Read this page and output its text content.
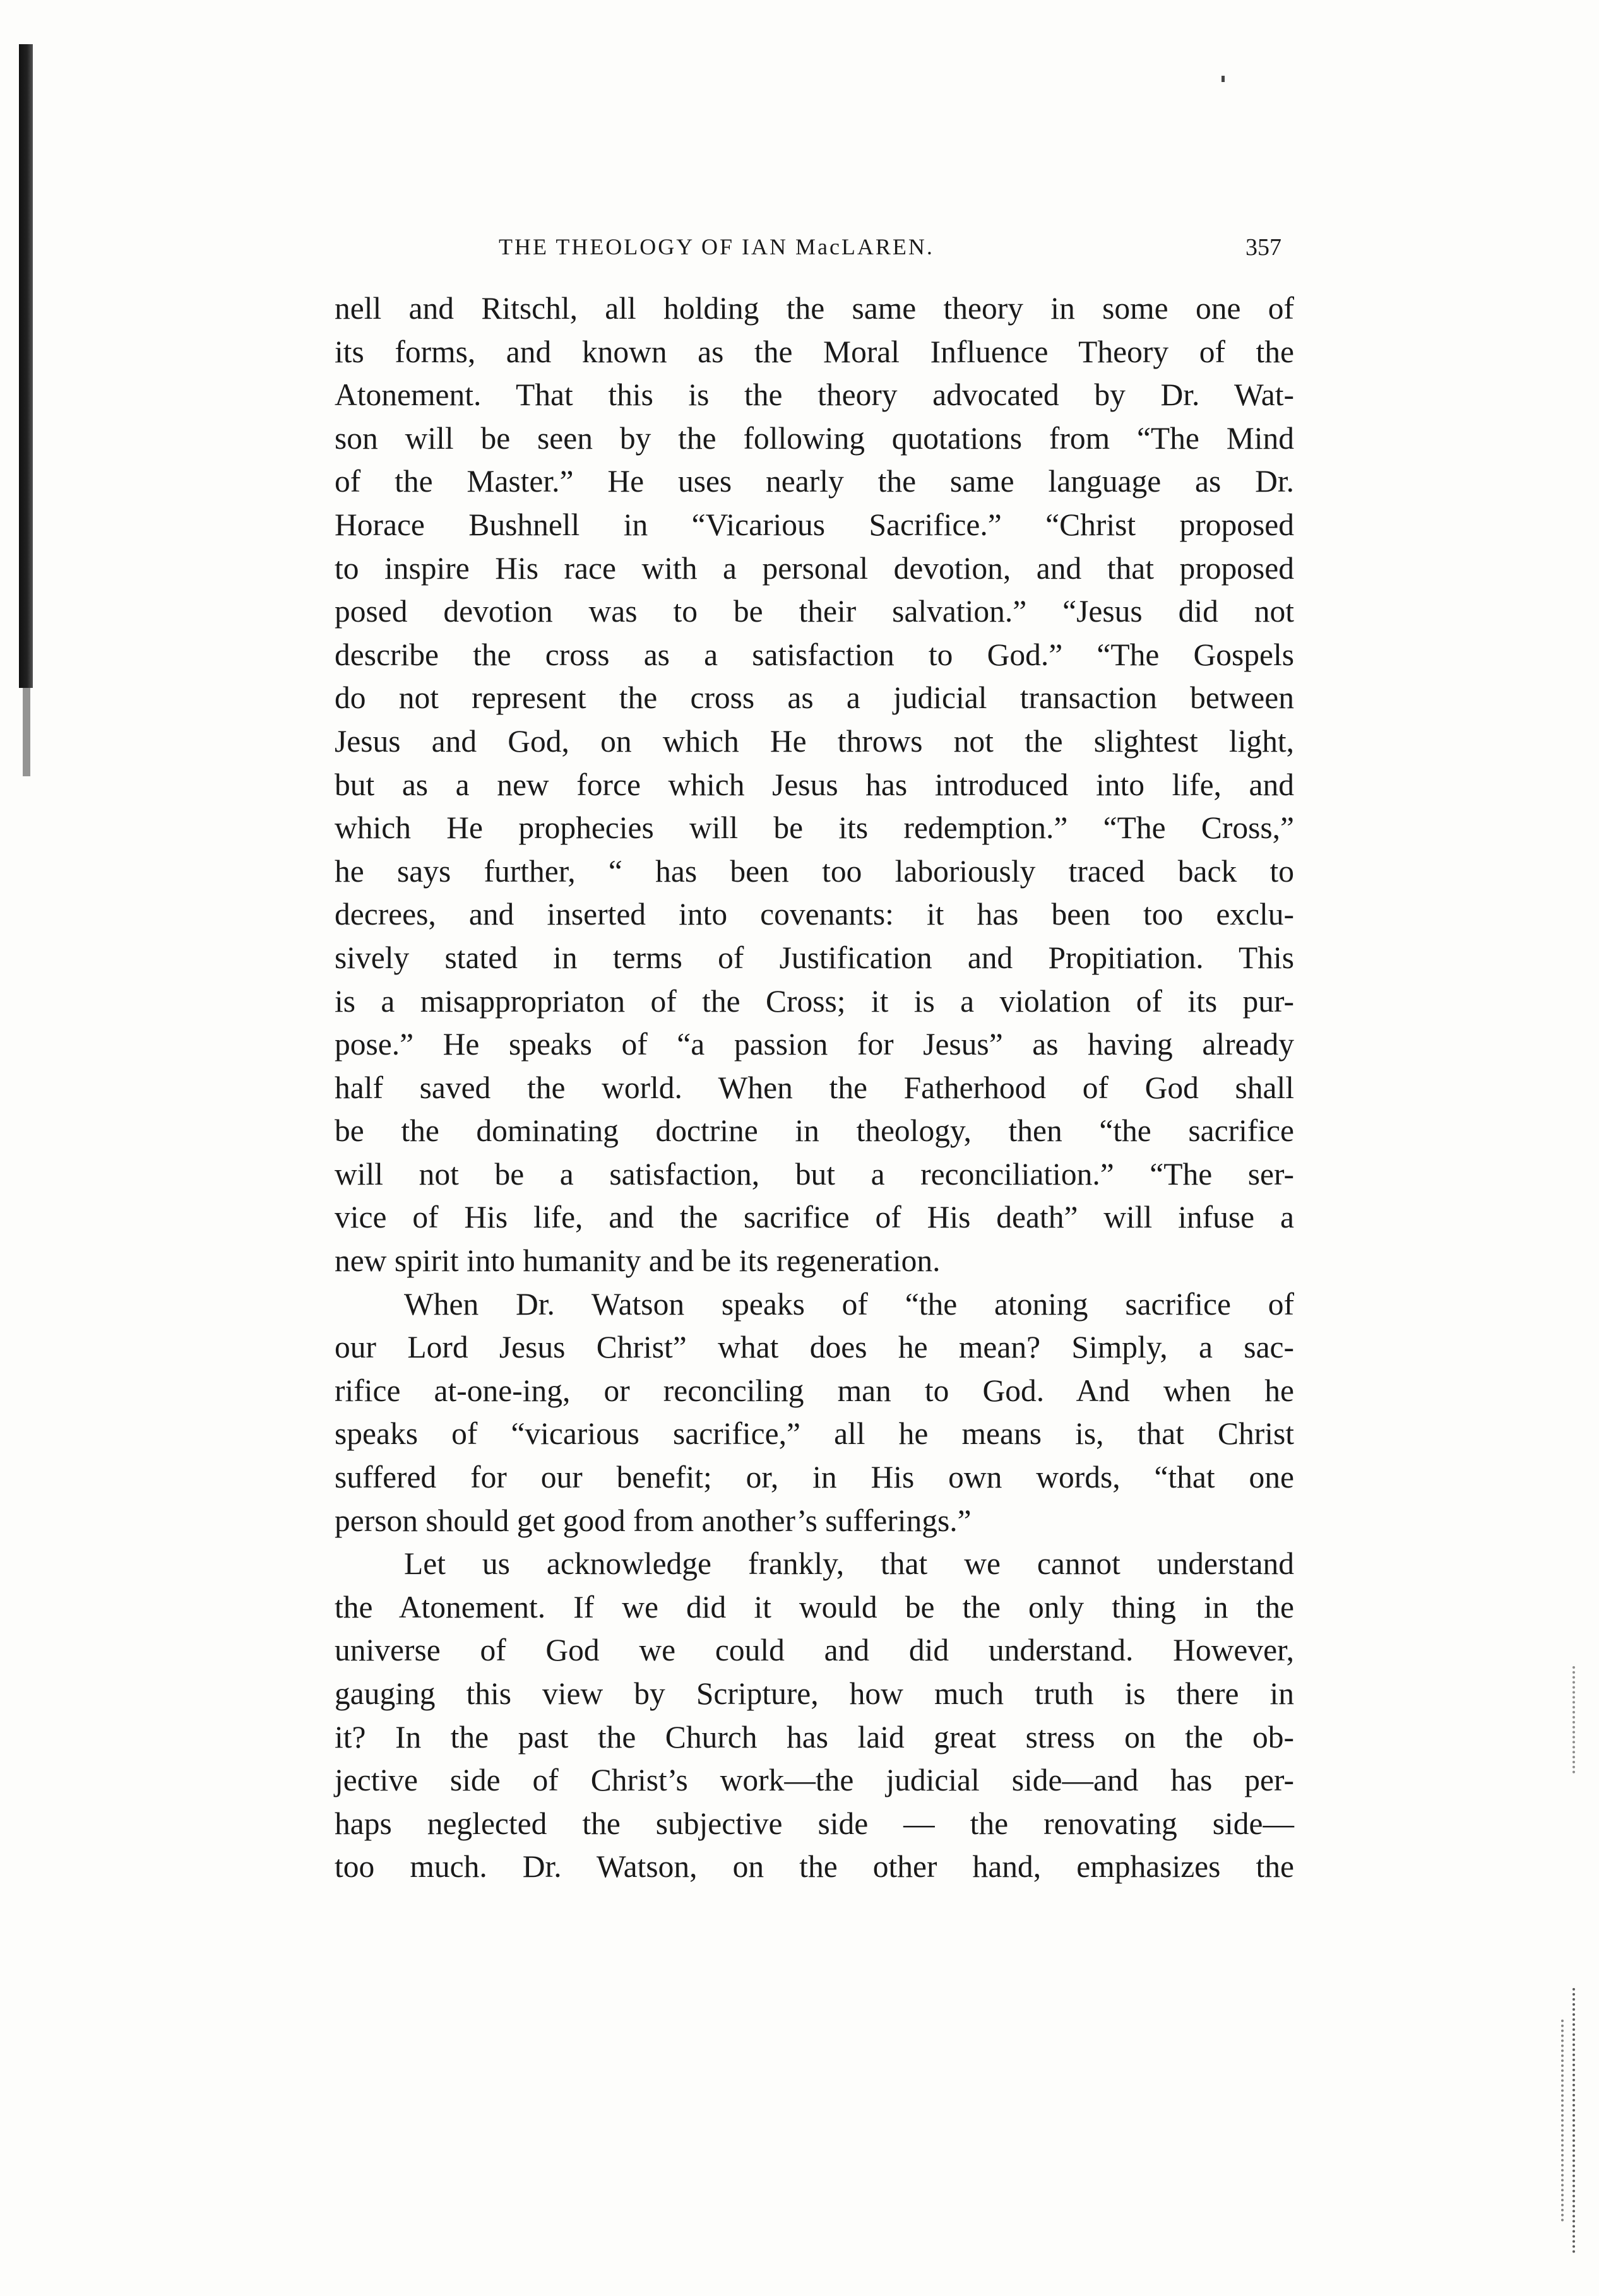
THE THEOLOGY OF IAN MacLAREN.	357

nell and Ritschl, all holding the same theory in some one of
its forms, and known as the Moral Influence Theory of the
Atonement. That this is the theory advocated by Dr. Wat-
son will be seen by the following quotations from “The Mind
of the Master.” He uses nearly the same language as Dr.
Horace Bushnell in “Vicarious Sacrifice.” “Christ proposed
to inspire His race with a personal devotion, and that proposed
posed devotion was to be their salvation.” “Jesus did not
describe the cross as a satisfaction to God.” “The Gospels
do not represent the cross as a judicial transaction between
Jesus and God, on which He throws not the slightest light,
but as a new force which Jesus has introduced into life, and
which He prophecies will be its redemption.” “The Cross,”
he says further, “ has been too laboriously traced back to
decrees, and inserted into covenants: it has been too exclu-
sively stated in terms of Justification and Propitiation. This
is a misappropriaton of the Cross; it is a violation of its pur-
pose.” He speaks of “a passion for Jesus” as having already
half saved the world. When the Fatherhood of God shall
be the dominating doctrine in theology, then “the sacrifice
will not be a satisfaction, but a reconciliation.” “The ser-
vice of His life, and the sacrifice of His death” will infuse a
new spirit into humanity and be its regeneration.

When Dr. Watson speaks of “the atoning sacrifice of
our Lord Jesus Christ” what does he mean? Simply, a sac-
rifice at-one-ing, or reconciling man to God. And when he
speaks of “vicarious sacrifice,” all he means is, that Christ
suffered for our benefit; or, in His own words, “that one
person should get good from another’s sufferings.”

Let us acknowledge frankly, that we cannot understand
the Atonement. If we did it would be the only thing in the
universe of God we could and did understand. However,
gauging this view by Scripture, how much truth is there in
it? In the past the Church has laid great stress on the ob-
jective side of Christ’s work—the judicial side—and has per-
haps neglected the subjective side — the renovating side—
too much. Dr. Watson, on the other hand, emphasizes the
